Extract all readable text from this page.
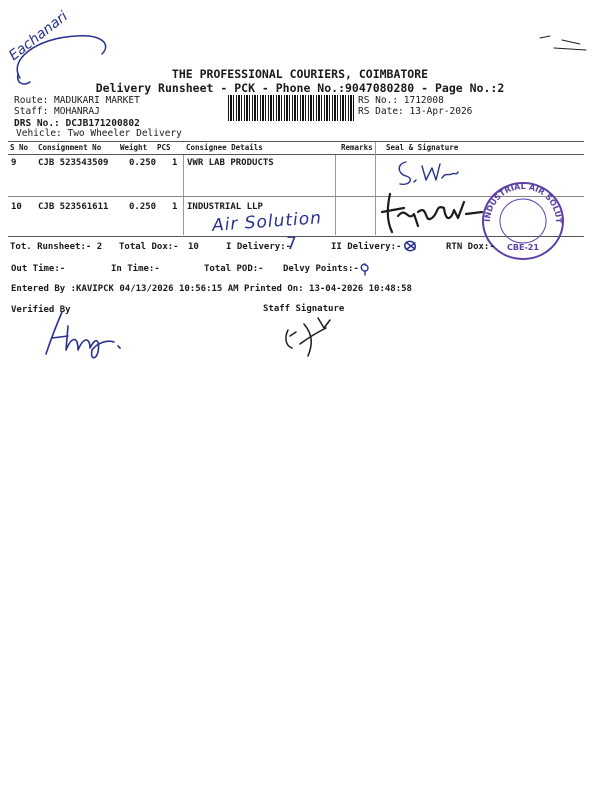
Eachanari
THE PROFESSIONAL COURIERS, COIMBATORE
Delivery Runsheet - PCK - Phone No.:9047080280 - Page No.:2
Route: MADUKARI MARKET
Staff: MOHANRAJ
DRS No.: DCJB171200802
Vehicle: Two Wheeler Delivery
RS No.: 1712008
RS Date: 13-Apr-2026
S No Consignment No	Weight PCS Consignee Details	Remarks Seal & Signature
9 CJB 523543509 0.250 1 VWR LAB PRODUCTS
10 CJB 523561611 0.250 1 INDUSTRIAL LLP
Air Solution	INDUSTRIAL AIR SOLUTIONS LLP
CBE-21
Tot. Runsheet:- 2 Total Dox:- 10	I Delivery:-
7	II Delivery:-	RTN Dox:-
Out Time:-	In Time:-	Total POD:- Delvy Points:-
Entered By :KAVIPCK 04/13/2026 10:56:15 AM Printed On: 13-04-2026 10:48:58
Verified By	Staff Signature
